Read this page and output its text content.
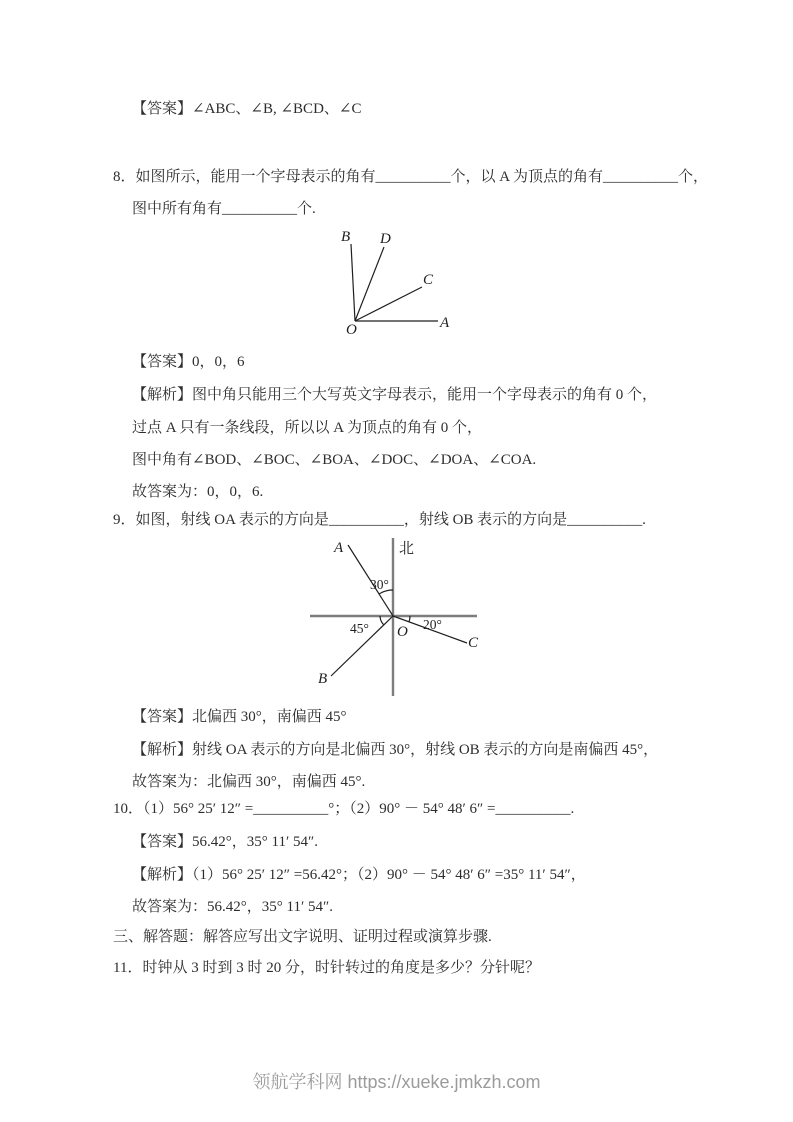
【答案】∠ABC、∠B, ∠BCD、∠C
8．如图所示，能用一个字母表示的角有__________个，以 A 为顶点的角有__________个，
图中所有角有__________个.
B D
C
A
O
【答案】0，0，6
【解析】图中角只能用三个大写英文字母表示，能用一个字母表示的角有 0 个，
过点 A 只有一条线段，所以以 A 为顶点的角有 0 个，
图中角有∠BOD、∠BOC、∠BOA、∠DOC、∠DOA、∠COA.
故答案为：0，0，6.
9．如图，射线 OA 表示的方向是__________，射线 OB 表示的方向是__________.
北
A
B
C
O
30°
45°	20°
【答案】北偏西 30°，南偏西 45°
【解析】射线 OA 表示的方向是北偏西 30°，射线 OB 表示的方向是南偏西 45°，
故答案为：北偏西 30°，南偏西 45°.
10．（1）56° 25′ 12″ =__________°；（2）90° － 54° 48′ 6″ =__________.
【答案】56.42°，35° 11′ 54″.
【解析】（1）56° 25′ 12″ =56.42°；（2）90° － 54° 48′ 6″ =35° 11′ 54″，
故答案为：56.42°，35° 11′ 54″.
三、解答题：解答应写出文字说明、证明过程或演算步骤.
11．时钟从 3 时到 3 时 20 分，时针转过的角度是多少？分针呢？
领航学科网 https://xueke.jmkzh.com
